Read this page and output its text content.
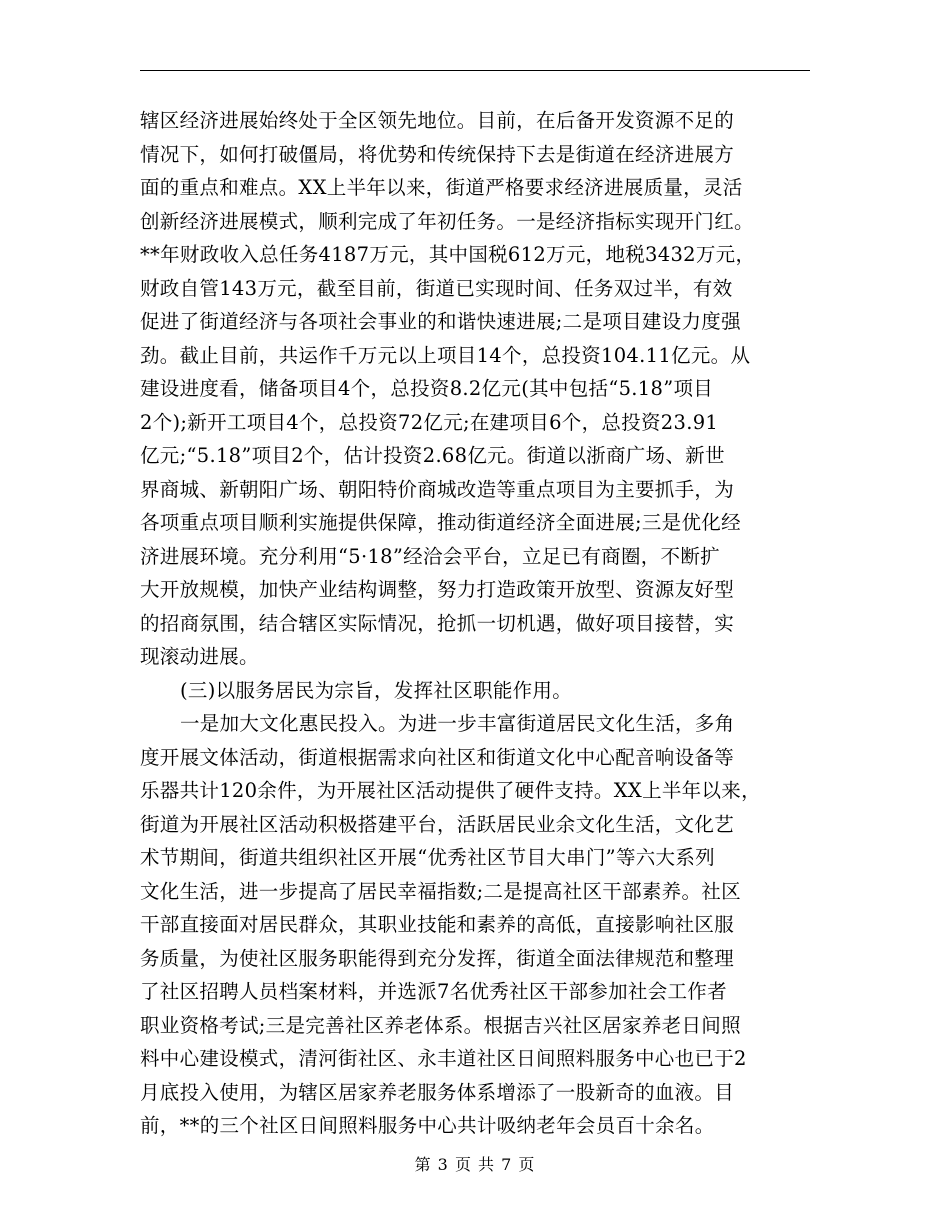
辖区经济进展始终处于全区领先地位。目前，在后备开发资源不足的
情况下，如何打破僵局，将优势和传统保持下去是街道在经济进展方
面的重点和难点。XX上半年以来，街道严格要求经济进展质量，灵活
创新经济进展模式，顺利完成了年初任务。一是经济指标实现开门红。
**年财政收入总任务4187万元，其中国税612万元，地税3432万元，
财政自管143万元，截至目前，街道已实现时间、任务双过半，有效
促进了街道经济与各项社会事业的和谐快速进展;二是项目建设力度强
劲。截止目前，共运作千万元以上项目14个，总投资104.11亿元。从
建设进度看，储备项目4个，总投资8.2亿元(其中包括“5.18”项目
2个);新开工项目4个，总投资72亿元;在建项目6个，总投资23.91
亿元;“5.18”项目2个，估计投资2.68亿元。街道以浙商广场、新世
界商城、新朝阳广场、朝阳特价商城改造等重点项目为主要抓手，为
各项重点项目顺利实施提供保障，推动街道经济全面进展;三是优化经
济进展环境。充分利用“5·18”经洽会平台，立足已有商圈，不断扩
大开放规模，加快产业结构调整，努力打造政策开放型、资源友好型
的招商氛围，结合辖区实际情况，抢抓一切机遇，做好项目接替，实
现滚动进展。
(三)以服务居民为宗旨，发挥社区职能作用。
一是加大文化惠民投入。为进一步丰富街道居民文化生活，多角
度开展文体活动，街道根据需求向社区和街道文化中心配音响设备等
乐器共计120余件，为开展社区活动提供了硬件支持。XX上半年以来，
街道为开展社区活动积极搭建平台，活跃居民业余文化生活，文化艺
术节期间，街道共组织社区开展“优秀社区节目大串门”等六大系列
文化生活，进一步提高了居民幸福指数;二是提高社区干部素养。社区
干部直接面对居民群众，其职业技能和素养的高低，直接影响社区服
务质量，为使社区服务职能得到充分发挥，街道全面法律规范和整理
了社区招聘人员档案材料，并选派7名优秀社区干部参加社会工作者
职业资格考试;三是完善社区养老体系。根据吉兴社区居家养老日间照
料中心建设模式，清河街社区、永丰道社区日间照料服务中心也已于2
月底投入使用，为辖区居家养老服务体系增添了一股新奇的血液。目
前，**的三个社区日间照料服务中心共计吸纳老年会员百十余名。
第 3 页 共 7 页
